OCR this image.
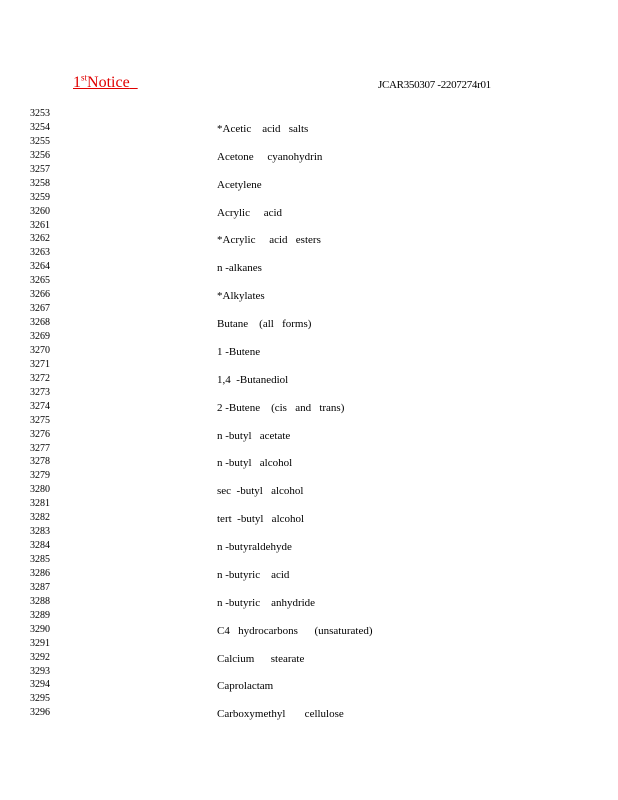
1stNotice	JCAR350307 -2207274r01
3253
3254	*Acetic    acid   salts
3255
3256	Acetone     cyanohydrin
3257
3258	Acetylene
3259
3260	Acrylic     acid
3261
3262	*Acrylic     acid   esters
3263
3264	n -alkanes
3265
3266	*Alkylates
3267
3268	Butane    (all   forms)
3269
3270	1 -Butene
3271
3272	1,4  -Butanediol
3273
3274	2 -Butene    (cis   and   trans)
3275
3276	n -butyl   acetate
3277
3278	n -butyl   alcohol
3279
3280	sec  -butyl   alcohol
3281
3282	tert  -butyl   alcohol
3283
3284	n -butyraldehyde
3285
3286	n -butyric    acid
3287
3288	n -butyric    anhydride
3289
3290	C4   hydrocarbons      (unsaturated)
3291
3292	Calcium      stearate
3293
3294	Caprolactam
3295
3296	Carboxymethyl       cellulose
